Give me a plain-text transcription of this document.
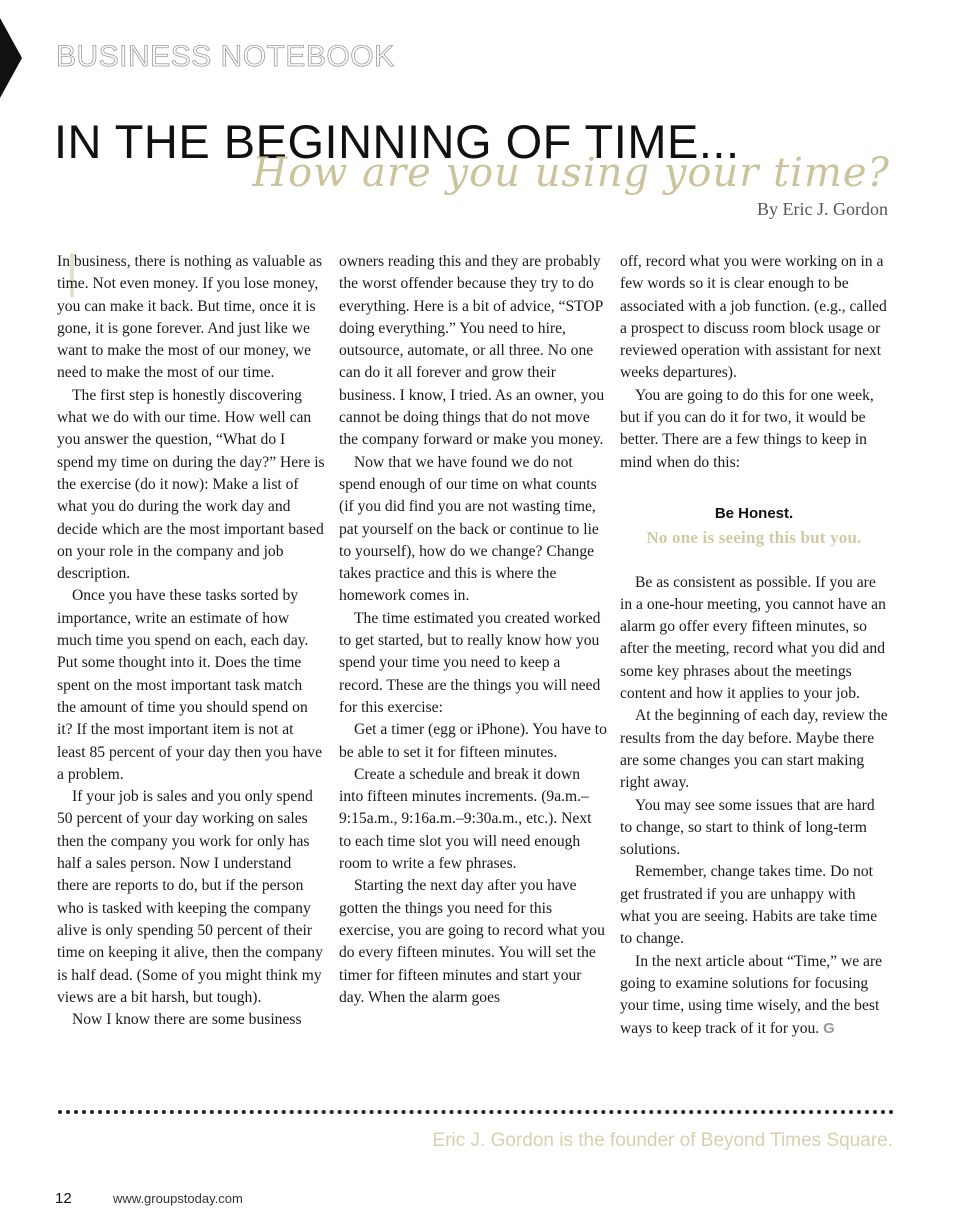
BUSINESS NOTEBOOK
IN THE BEGINNING OF TIME...
How are you using your time?
By Eric J. Gordon

In business, there is nothing as valuable as time. Not even money. If you lose money, you can make it back. But time, once it is gone, it is gone forever. And just like we want to make the most of our money, we need to make the most of our time.

The first step is honestly discovering what we do with our time. How well can you answer the question, “What do I spend my time on during the day?” Here is the exercise (do it now): Make a list of what you do during the work day and decide which are the most important based on your role in the company and job description.

Once you have these tasks sorted by importance, write an estimate of how much time you spend on each, each day. Put some thought into it. Does the time spent on the most important task match the amount of time you should spend on it? If the most important item is not at least 85 percent of your day then you have a problem.

If your job is sales and you only spend 50 percent of your day working on sales then the company you work for only has half a sales person. Now I understand there are reports to do, but if the person who is tasked with keeping the company alive is only spending 50 percent of their time on keeping it alive, then the company is half dead. (Some of you might think my views are a bit harsh, but tough).

Now I know there are some business

owners reading this and they are probably the worst offender because they try to do everything. Here is a bit of advice, “STOP doing everything.” You need to hire, outsource, automate, or all three. No one can do it all forever and grow their business. I know, I tried. As an owner, you cannot be doing things that do not move the company forward or make you money.

Now that we have found we do not spend enough of our time on what counts (if you did find you are not wasting time, pat yourself on the back or continue to lie to yourself), how do we change? Change takes practice and this is where the homework comes in.

The time estimated you created worked to get started, but to really know how you spend your time you need to keep a record. These are the things you will need for this exercise:

Get a timer (egg or iPhone). You have to be able to set it for fifteen minutes.

Create a schedule and break it down into fifteen minutes increments. (9a.m.–9:15a.m., 9:16a.m.–9:30a.m., etc.). Next to each time slot you will need enough room to write a few phrases.

Starting the next day after you have gotten the things you need for this exercise, you are going to record what you do every fifteen minutes. You will set the timer for fifteen minutes and start your day. When the alarm goes

off, record what you were working on in a few words so it is clear enough to be associated with a job function. (e.g., called a prospect to discuss room block usage or reviewed operation with assistant for next weeks departures).

You are going to do this for one week, but if you can do it for two, it would be better. There are a few things to keep in mind when do this:

Be Honest.
No one is seeing this but you.

Be as consistent as possible. If you are in a one-hour meeting, you cannot have an alarm go offer every fifteen minutes, so after the meeting, record what you did and some key phrases about the meetings content and how it applies to your job.

At the beginning of each day, review the results from the day before. Maybe there are some changes you can start making right away.

You may see some issues that are hard to change, so start to think of long-term solutions.

Remember, change takes time. Do not get frustrated if you are unhappy with what you are seeing. Habits are take time to change.

In the next article about “Time,” we are going to examine solutions for focusing your time, using time wisely, and the best ways to keep track of it for you. G

Eric J. Gordon is the founder of Beyond Times Square.
12	www.groupstoday.com
